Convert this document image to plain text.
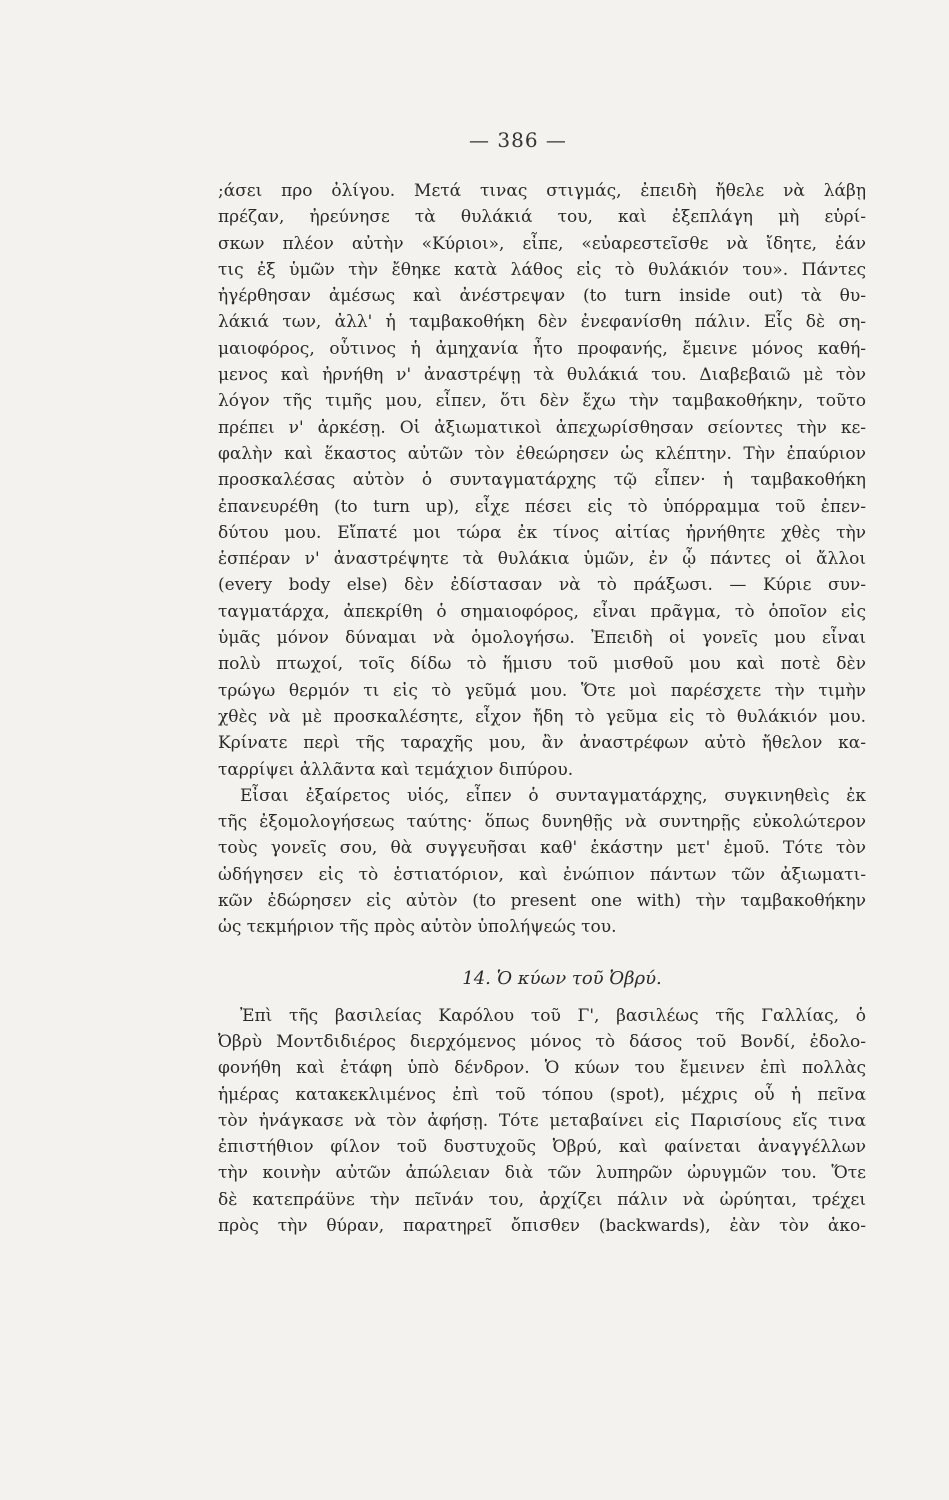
— 386 —
;άσει προ ὀλίγου. Μετά τινας στιγμάς, ἐπειδὴ ἤθελε νὰ λάβῃ
πρέζαν, ἠρεύνησε τὰ θυλάκιά του, καὶ ἐξεπλάγη μὴ εὑρί-
σκων πλέον αὐτὴν «Κύριοι», εἶπε, «εὐαρεστεῖσθε νὰ ἴδητε, ἐάν
τις ἐξ ὑμῶν τὴν ἔθηκε κατὰ λάθος εἰς τὸ θυλάκιόν του». Πάντες
ἠγέρθησαν ἀμέσως καὶ ἀνέστρεψαν (to turn inside out) τὰ θυ-
λάκιά των, ἀλλ' ἡ ταμβακοθήκη δὲν ἐνεφανίσθη πάλιν. Εἷς δὲ ση-
μαιοφόρος, οὗτινος ἡ ἀμηχανία ἦτο προφανής, ἔμεινε μόνος καθή-
μενος καὶ ἠρνήθη ν' ἀναστρέψῃ τὰ θυλάκιά του. Διαβεβαιῶ μὲ τὸν
λόγον τῆς τιμῆς μου, εἶπεν, ὅτι δὲν ἔχω τὴν ταμβακοθήκην, τοῦτο
πρέπει ν' ἀρκέσῃ. Οἱ ἀξιωματικοὶ ἀπεχωρίσθησαν σείοντες τὴν κε-
φαλὴν καὶ ἕκαστος αὐτῶν τὸν ἐθεώρησεν ὡς κλέπτην. Τὴν ἐπαύριον
προσκαλέσας αὐτὸν ὁ συνταγματάρχης τῷ εἶπεν· ἡ ταμβακοθήκη
ἐπανευρέθη (to turn up), εἶχε πέσει εἰς τὸ ὑπόρραμμα τοῦ ἐπεν-
δύτου μου. Εἴπατέ μοι τώρα ἐκ τίνος αἰτίας ἠρνήθητε χθὲς τὴν
ἑσπέραν ν' ἀναστρέψητε τὰ θυλάκια ὑμῶν, ἐν ᾧ πάντες οἱ ἄλλοι
(every body else) δὲν ἐδίστασαν νὰ τὸ πράξωσι. — Κύριε συν-
ταγματάρχα, ἀπεκρίθη ὁ σημαιοφόρος, εἶναι πρᾶγμα, τὸ ὁποῖον εἰς
ὑμᾶς μόνον δύναμαι νὰ ὁμολογήσω. Ἐπειδὴ οἱ γονεῖς μου εἶναι
πολὺ πτωχοί, τοῖς δίδω τὸ ἥμισυ τοῦ μισθοῦ μου καὶ ποτὲ δὲν
τρώγω θερμόν τι εἰς τὸ γεῦμά μου. Ὅτε μοὶ παρέσχετε τὴν τιμὴν
χθὲς νὰ μὲ προσκαλέσητε, εἶχον ἤδη τὸ γεῦμα εἰς τὸ θυλάκιόν μου.
Κρίνατε περὶ τῆς ταραχῆς μου, ἂν ἀναστρέφων αὐτὸ ἤθελον κα-
ταρρίψει ἀλλᾶντα καὶ τεμάχιον διπύρου.
Εἶσαι ἐξαίρετος υἱός, εἶπεν ὁ συνταγματάρχης, συγκινηθεὶς ἐκ
τῆς ἐξομολογήσεως ταύτης· ὅπως δυνηθῇς νὰ συντηρῇς εὐκολώτερον
τοὺς γονεῖς σου, θὰ συγγευῆσαι καθ' ἑκάστην μετ' ἐμοῦ. Τότε τὸν
ὡδήγησεν εἰς τὸ ἑστιατόριον, καὶ ἐνώπιον πάντων τῶν ἀξιωματι-
κῶν ἐδώρησεν εἰς αὐτὸν (to present one with) τὴν ταμβακοθήκην
ὡς τεκμήριον τῆς πρὸς αὐτὸν ὑπολήψεώς του.
14. Ὁ κύων τοῦ Ὀβρύ.
Ἐπὶ τῆς βασιλείας Καρόλου τοῦ Γ', βασιλέως τῆς Γαλλίας, ὁ
Ὀβρὺ Μοντδιδιέρος διερχόμενος μόνος τὸ δάσος τοῦ Βονδί, ἐδολο-
φονήθη καὶ ἐτάφη ὑπὸ δένδρον. Ὁ κύων του ἔμεινεν ἐπὶ πολλὰς
ἡμέρας κατακεκλιμένος ἐπὶ τοῦ τόπου (spot), μέχρις οὗ ἡ πεῖνα
τὸν ἠνάγκασε νὰ τὸν ἀφήσῃ. Τότε μεταβαίνει εἰς Παρισίους εἴς τινα
ἐπιστήθιον φίλον τοῦ δυστυχοῦς Ὀβρύ, καὶ φαίνεται ἀναγγέλλων
τὴν κοινὴν αὐτῶν ἀπώλειαν διὰ τῶν λυπηρῶν ὠρυγμῶν του. Ὅτε
δὲ κατεπράϋνε τὴν πεῖνάν του, ἀρχίζει πάλιν νὰ ὠρύηται, τρέχει
πρὸς τὴν θύραν, παρατηρεῖ ὄπισθεν (backwards), ἐὰν τὸν ἀκο-
